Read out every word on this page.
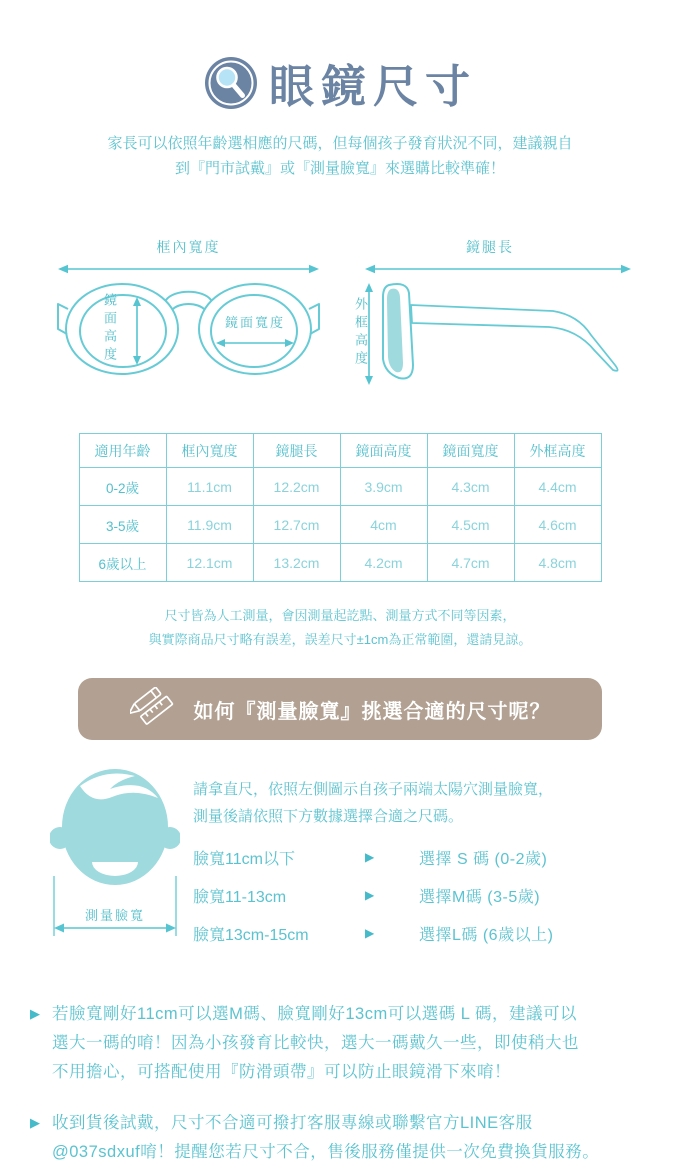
眼鏡尺寸
家長可以依照年齡選相應的尺碼，但每個孩子發育狀況不同，建議親自
到『門市試戴』或『測量臉寬』來選購比較準確！
框內寬度
鏡面寬度
鏡面高度
鏡腿長
外框高度
適用年齡	框內寬度	鏡腿長	鏡面高度	鏡面寬度	外框高度
0-2歲	11.1cm	12.2cm	3.9cm	4.3cm	4.4cm
3-5歲	11.9cm	12.7cm	4cm	4.5cm	4.6cm
6歲以上	12.1cm	13.2cm	4.2cm	4.7cm	4.8cm
尺寸皆為人工測量，會因測量起訖點、測量方式不同等因素，
與實際商品尺寸略有誤差，誤差尺寸±1cm為正常範圍，還請見諒。
如何『測量臉寬』挑選合適的尺寸呢？
測量臉寬
請拿直尺，依照左側圖示自孩子兩端太陽穴測量臉寬，
測量後請依照下方數據選擇合適之尺碼。
臉寬11cm以下	▶	選擇 S 碼 (0-2歲)
臉寬11-13cm	▶	選擇M碼 (3-5歲)
臉寬13cm-15cm	▶	選擇L碼 (6歲以上)
▶ 若臉寬剛好11cm可以選M碼、臉寬剛好13cm可以選碼 L 碼，建議可以
選大一碼的唷！因為小孩發育比較快，選大一碼戴久一些，即使稍大也
不用擔心，可搭配使用『防滑頭帶』可以防止眼鏡滑下來唷！
▶ 收到貨後試戴，尺寸不合適可撥打客服專線或聯繫官方LINE客服
@037sdxuf唷！提醒您若尺寸不合，售後服務僅提供一次免費換貨服務。
